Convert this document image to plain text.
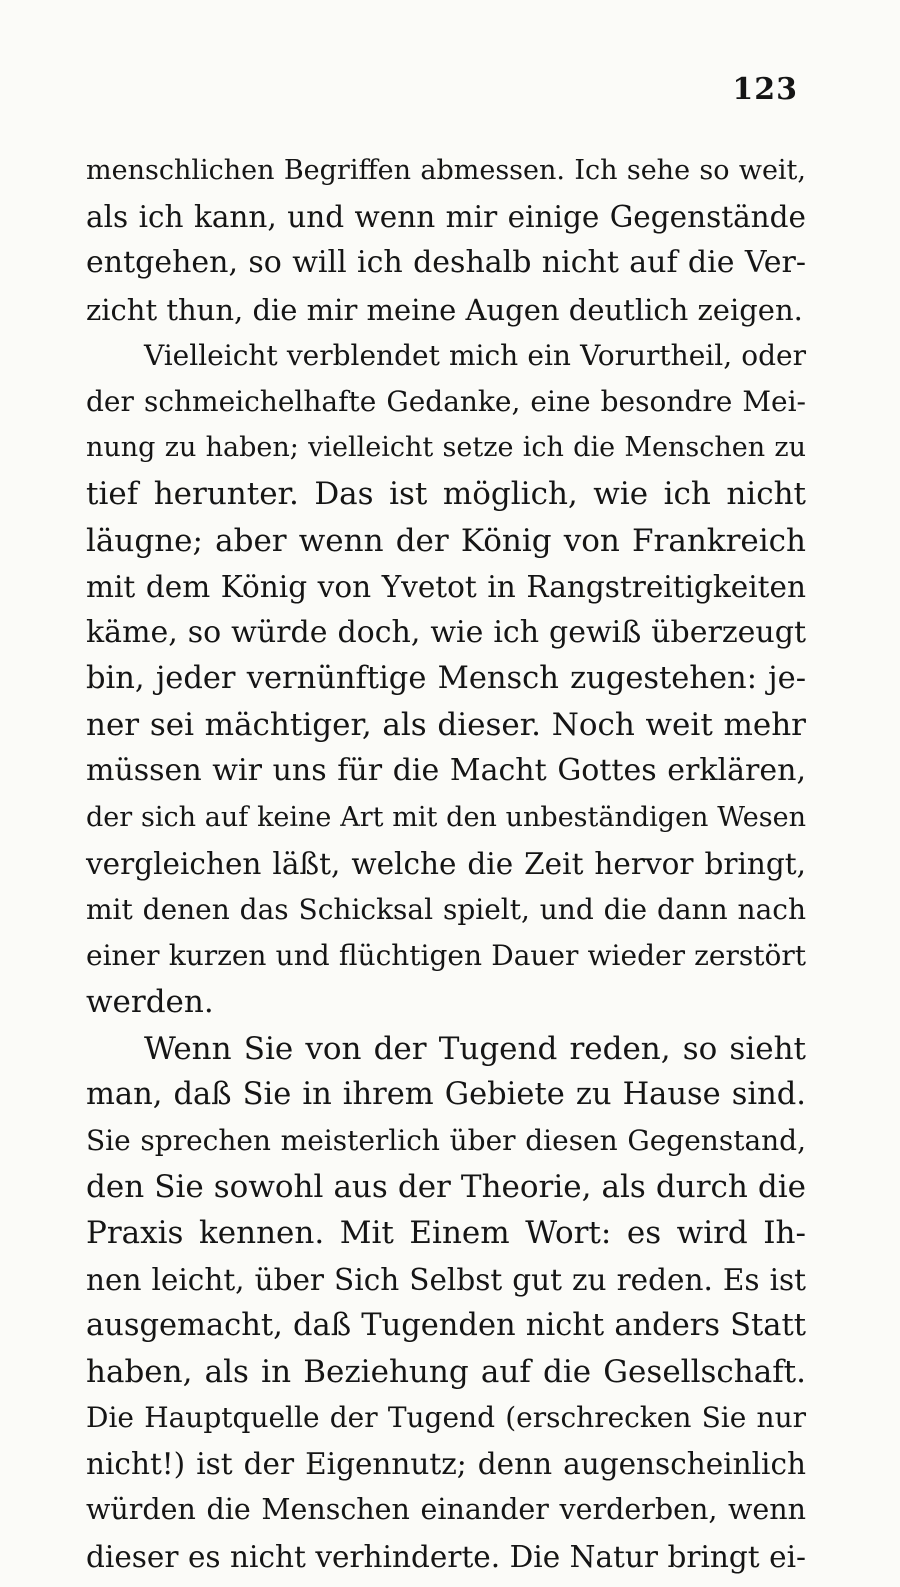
123
menschlichen Begriffen abmessen. Ich sehe so weit,
als ich kann, und wenn mir einige Gegenstände
entgehen, so will ich deshalb nicht auf die Ver-
zicht thun, die mir meine Augen deutlich zeigen.
Vielleicht verblendet mich ein Vorurtheil, oder
der schmeichelhafte Gedanke, eine besondre Mei-
nung zu haben; vielleicht setze ich die Menschen zu
tief herunter. Das ist möglich, wie ich nicht
läugne; aber wenn der König von Frankreich
mit dem König von Yvetot in Rangstreitigkeiten
käme, so würde doch, wie ich gewiß überzeugt
bin, jeder vernünftige Mensch zugestehen: je-
ner sei mächtiger, als dieser. Noch weit mehr
müssen wir uns für die Macht Gottes erklären,
der sich auf keine Art mit den unbeständigen Wesen
vergleichen läßt, welche die Zeit hervor bringt,
mit denen das Schicksal spielt, und die dann nach
einer kurzen und flüchtigen Dauer wieder zerstört
werden.
Wenn Sie von der Tugend reden, so sieht
man, daß Sie in ihrem Gebiete zu Hause sind.
Sie sprechen meisterlich über diesen Gegenstand,
den Sie sowohl aus der Theorie, als durch die
Praxis kennen. Mit Einem Wort: es wird Ih-
nen leicht, über Sich Selbst gut zu reden. Es ist
ausgemacht, daß Tugenden nicht anders Statt
haben, als in Beziehung auf die Gesellschaft.
Die Hauptquelle der Tugend (erschrecken Sie nur
nicht!) ist der Eigennutz; denn augenscheinlich
würden die Menschen einander verderben, wenn
dieser es nicht verhinderte. Die Natur bringt ei-
